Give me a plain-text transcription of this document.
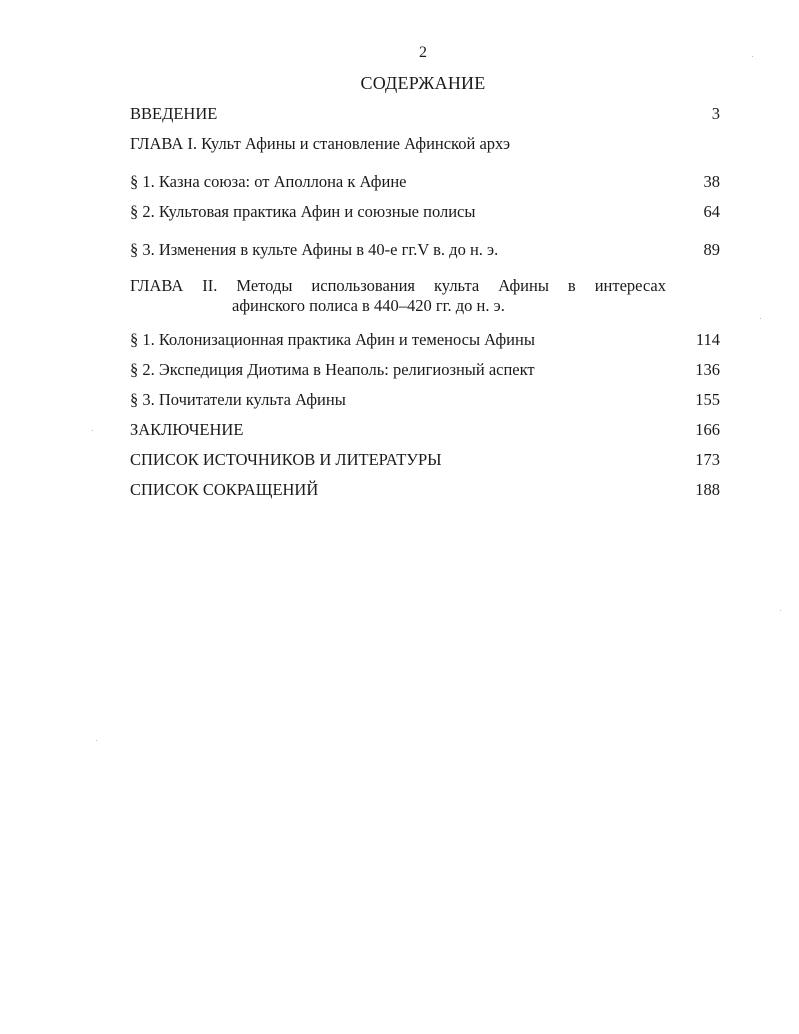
2
СОДЕРЖАНИЕ
ВВЕДЕНИЕ	3
ГЛАВА I. Культ Афины и становление Афинской архэ
§ 1. Казна союза: от Аполлона к Афине	38
§ 2. Культовая практика Афин и союзные полисы	64
§ 3. Изменения в культе Афины в 40-е гг.V в. до н. э.	89
ГЛАВА II. Методы использования культа Афины в интересах
афинского полиса в 440–420 гг. до н. э.
§ 1. Колонизационная практика Афин и теменосы Афины	114
§ 2. Экспедиция Диотима в Неаполь: религиозный аспект	136
§ 3. Почитатели культа Афины	155
ЗАКЛЮЧЕНИЕ	166
СПИСОК ИСТОЧНИКОВ И ЛИТЕРАТУРЫ	173
СПИСОК СОКРАЩЕНИЙ	188
